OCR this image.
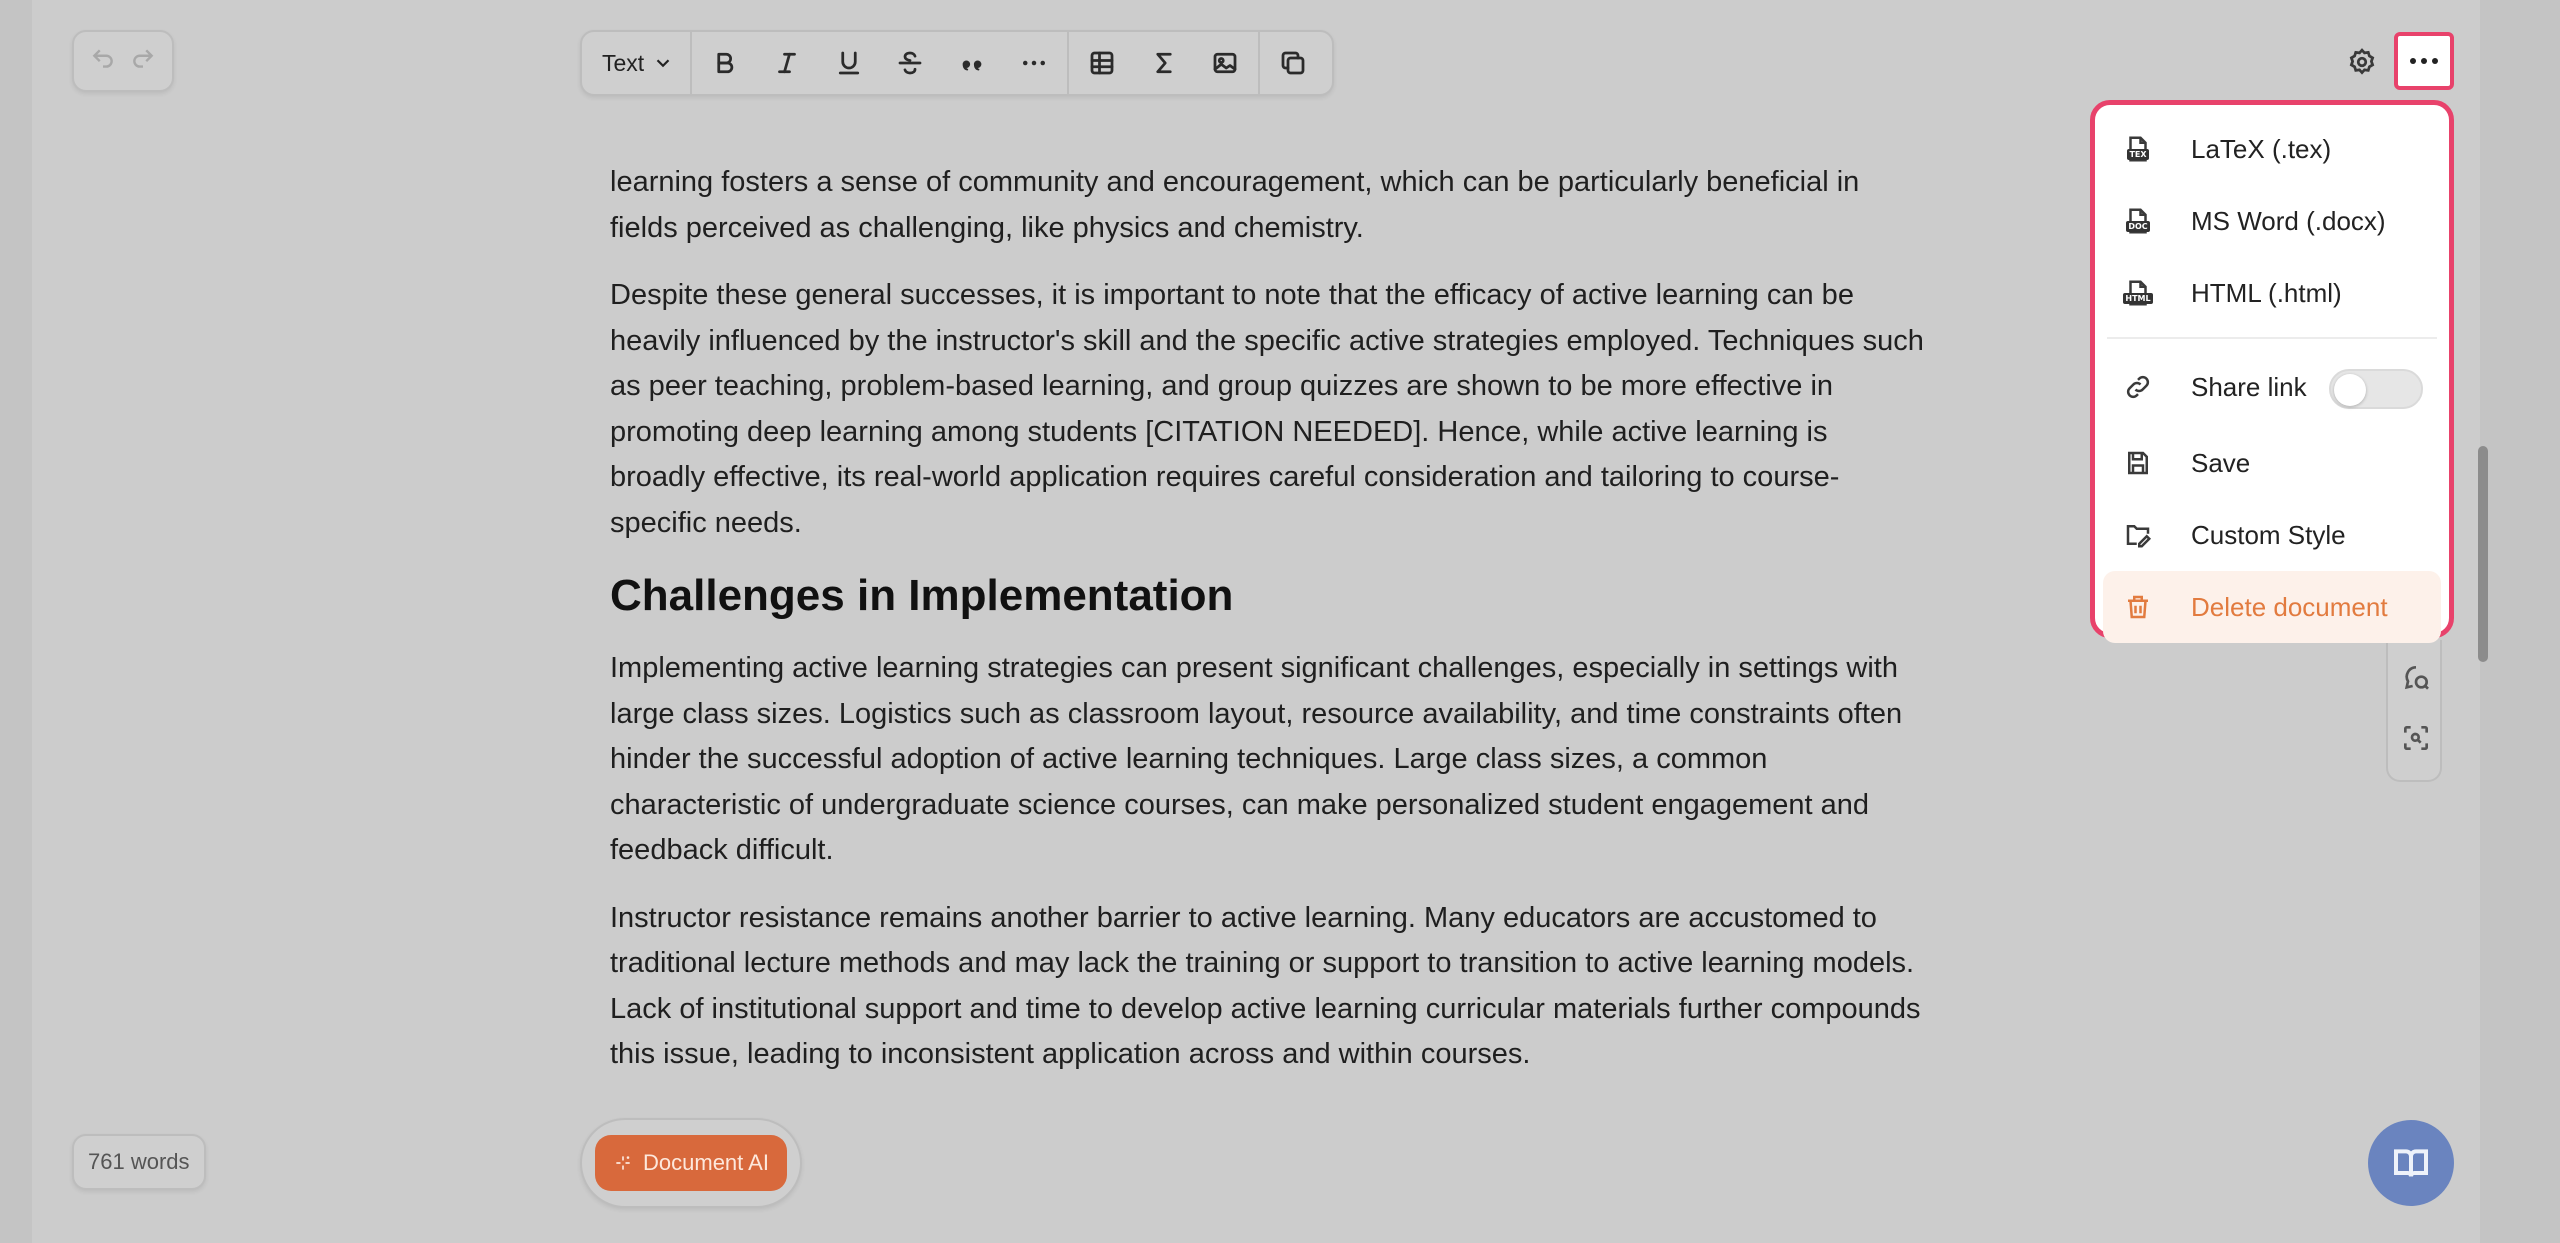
Text

learning fosters a sense of community and encouragement, which can be particularly beneficial in fields perceived as challenging, like physics and chemistry.

Despite these general successes, it is important to note that the efficacy of active learning can be heavily influenced by the instructor's skill and the specific active strategies employed. Techniques such as peer teaching, problem-based learning, and group quizzes are shown to be more effective in promoting deep learning among students [CITATION NEEDED]. Hence, while active learning is broadly effective, its real-world application requires careful consideration and tailoring to course-specific needs.

Challenges in Implementation

Implementing active learning strategies can present significant challenges, especially in settings with large class sizes. Logistics such as classroom layout, resource availability, and time constraints often hinder the successful adoption of active learning techniques. Large class sizes, a common characteristic of undergraduate science courses, can make personalized student engagement and feedback difficult.

Instructor resistance remains another barrier to active learning. Many educators are accustomed to traditional lecture methods and may lack the training or support to transition to active learning models. Lack of institutional support and time to develop active learning curricular materials further compounds this issue, leading to inconsistent application across and within courses.

TEX LaTeX (.tex)
DOC MS Word (.docx)
HTML HTML (.html)
Share link
Save
Custom Style
Delete document
761 words	Document AI
